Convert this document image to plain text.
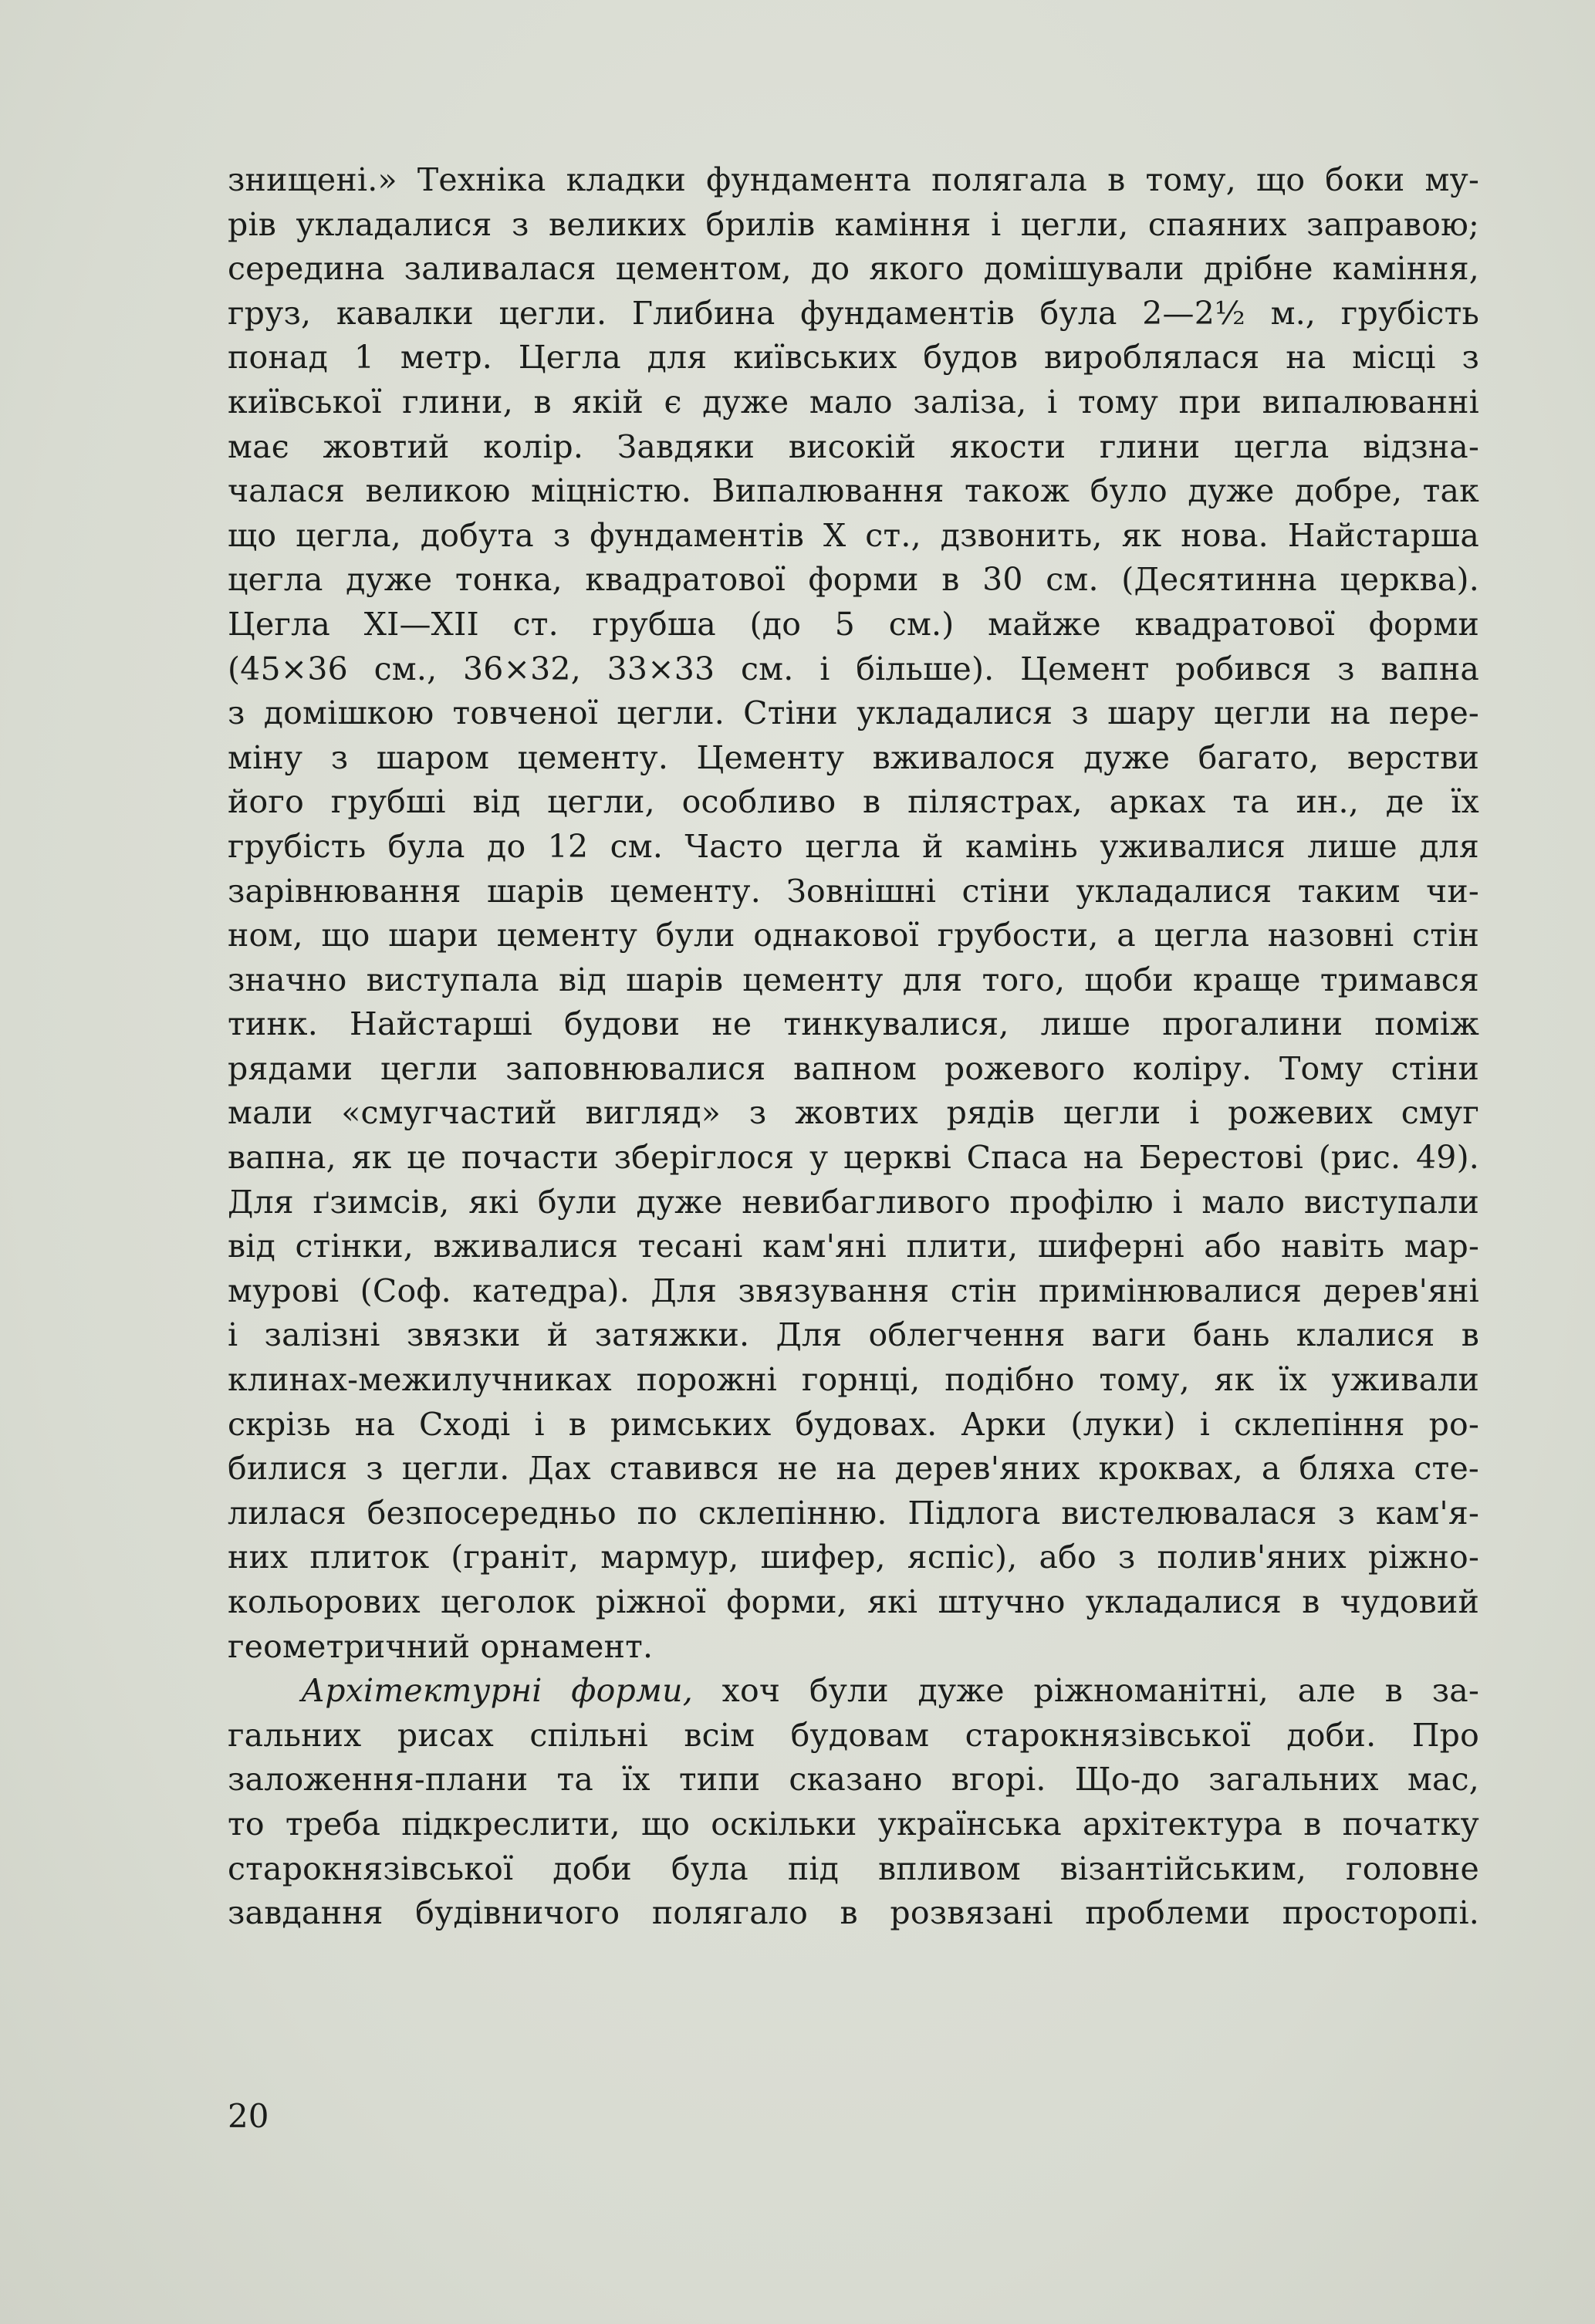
знищені.» Техніка кладки фундамента полягала в тому, що боки му-
рів укладалися з великих брилів каміння і цегли, спаяних заправою;
середина заливалася цементом, до якого домішували дрібне каміння,
груз, кавалки цегли. Глибина фундаментів була 2—2½ м., грубість
понад 1 метр. Цегла для київських будов вироблялася на місці з
київської глини, в якій є дуже мало заліза, і тому при випалюванні
має жовтий колір. Завдяки високій якости глини цегла відзна-
чалася великою міцністю. Випалювання також було дуже добре, так
що цегла, добута з фундаментів X ст., дзвонить, як нова. Найстарша
цегла дуже тонка, квадратової форми в 30 см. (Десятинна церква).
Цегла XI—XII ст. грубша (до 5 см.) майже квадратової форми
(45×36 см., 36×32, 33×33 см. і більше). Цемент робився з вапна
з домішкою товченої цегли. Стіни укладалися з шару цегли на пере-
міну з шаром цементу. Цементу вживалося дуже багато, верстви
його грубші від цегли, особливо в пілястрах, арках та ин., де їх
грубість була до 12 см. Часто цегла й камінь уживалися лише для
зарівнювання шарів цементу. Зовнішні стіни укладалися таким чи-
ном, що шари цементу були однакової грубости, а цегла назовні стін
значно виступала від шарів цементу для того, щоби краще тримався
тинк. Найстарші будови не тинкувалися, лише прогалини поміж
рядами цегли заповнювалися вапном рожевого коліру. Тому стіни
мали «смугчастий вигляд» з жовтих рядів цегли і рожевих смуг
вапна, як це почасти зберіглося у церкві Спаса на Берестові (рис. 49).
Для ґзимсів, які були дуже невибагливого профілю і мало виступали
від стінки, вживалися тесані кам'яні плити, шиферні або навіть мар-
мурові (Соф. катедра). Для звязування стін примінювалися дерев'яні
і залізні звязки й затяжки. Для облегчення ваги бань клалися в
клинах-межилучниках порожні горнці, подібно тому, як їх уживали
скрізь на Сході і в римських будовах. Арки (луки) і склепіння ро-
билися з цегли. Дах ставився не на дерев'яних кроквах, а бляха сте-
лилася безпосередньо по склепінню. Підлога вистелювалася з кам'я-
них плиток (граніт, мармур, шифер, яспіс), або з полив'яних ріжно-
кольорових цеголок ріжної форми, які штучно укладалися в чудовий
геометричний орнамент.
Архітектурні форми, хоч були дуже ріжноманітні, але в за-
гальних рисах спільні всім будовам старокнязівської доби. Про
заложення-плани та їх типи сказано вгорі. Що-до загальних мас,
то треба підкреслити, що оскільки українська архітектура в початку
старокнязівської доби була під впливом візантійським, головне
завдання будівничого полягало в розвязані проблеми просторопі.
20
